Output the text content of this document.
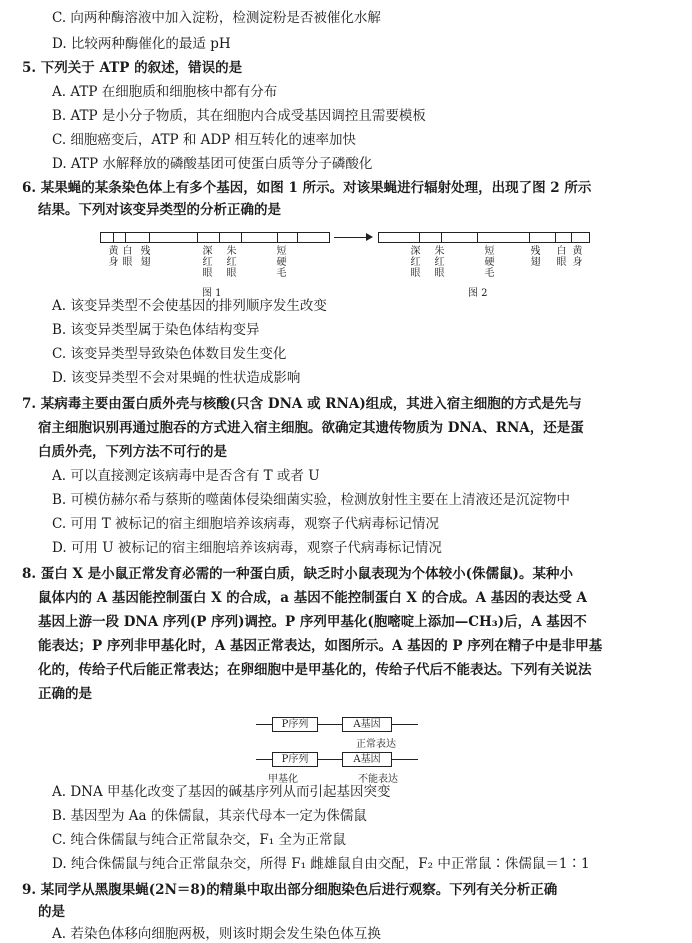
C. 向两种酶溶液中加入淀粉，检测淀粉是否被催化水解
D. 比较两种酶催化的最适 pH
5. 下列关于 ATP 的叙述，错误的是
A. ATP 在细胞质和细胞核中都有分布
B. ATP 是小分子物质，其在细胞内合成受基因调控且需要模板
C. 细胞癌变后，ATP 和 ADP 相互转化的速率加快
D. ATP 水解释放的磷酸基团可使蛋白质等分子磷酸化
6. 某果蝇的某条染色体上有多个基因，如图 1 所示。对该果蝇进行辐射处理，出现了图 2 所示
结果。下列对该变异类型的分析正确的是
A. 该变异类型不会使基因的排列顺序发生改变
B. 该变异类型属于染色体结构变异
C. 该变异类型导致染色体数目发生变化
D. 该变异类型不会对果蝇的性状造成影响
7. 某病毒主要由蛋白质外壳与核酸(只含 DNA 或 RNA)组成，其进入宿主细胞的方式是先与
宿主细胞识别再通过胞吞的方式进入宿主细胞。欲确定其遗传物质为 DNA、RNA，还是蛋
白质外壳，下列方法不可行的是
A. 可以直接测定该病毒中是否含有 T 或者 U
B. 可模仿赫尔希与蔡斯的噬菌体侵染细菌实验，检测放射性主要在上清液还是沉淀物中
C. 可用 T 被标记的宿主细胞培养该病毒，观察子代病毒标记情况
D. 可用 U 被标记的宿主细胞培养该病毒，观察子代病毒标记情况
8. 蛋白 X 是小鼠正常发育必需的一种蛋白质，缺乏时小鼠表现为个体较小(侏儒鼠)。某种小
鼠体内的 A 基因能控制蛋白 X 的合成，a 基因不能控制蛋白 X 的合成。A 基因的表达受 A
基因上游一段 DNA 序列(P 序列)调控。P 序列甲基化(胞嘧啶上添加—CH₃)后，A 基因不
能表达；P 序列非甲基化时，A 基因正常表达，如图所示。A 基因的 P 序列在精子中是非甲基
化的，传给子代后能正常表达；在卵细胞中是甲基化的，传给子代后不能表达。下列有关说法
正确的是
A. DNA 甲基化改变了基因的碱基序列从而引起基因突变
B. 基因型为 Aa 的侏儒鼠，其亲代母本一定为侏儒鼠
C. 纯合侏儒鼠与纯合正常鼠杂交，F₁ 全为正常鼠
D. 纯合侏儒鼠与纯合正常鼠杂交，所得 F₁ 雌雄鼠自由交配，F₂ 中正常鼠∶侏儒鼠＝1∶1
9. 某同学从黑腹果蝇(2N＝8)的精巢中取出部分细胞染色后进行观察。下列有关分析正确
的是
A. 若染色体移向细胞两极，则该时期会发生染色体互换
黄身
白眼
残翅
深红眼
朱红眼
短硬毛
图 1
深红眼
朱红眼
短硬毛
残翅
白眼
黄身
图 2
P序列	A基因
正常表达
P序列	A基因
甲基化	不能表达
